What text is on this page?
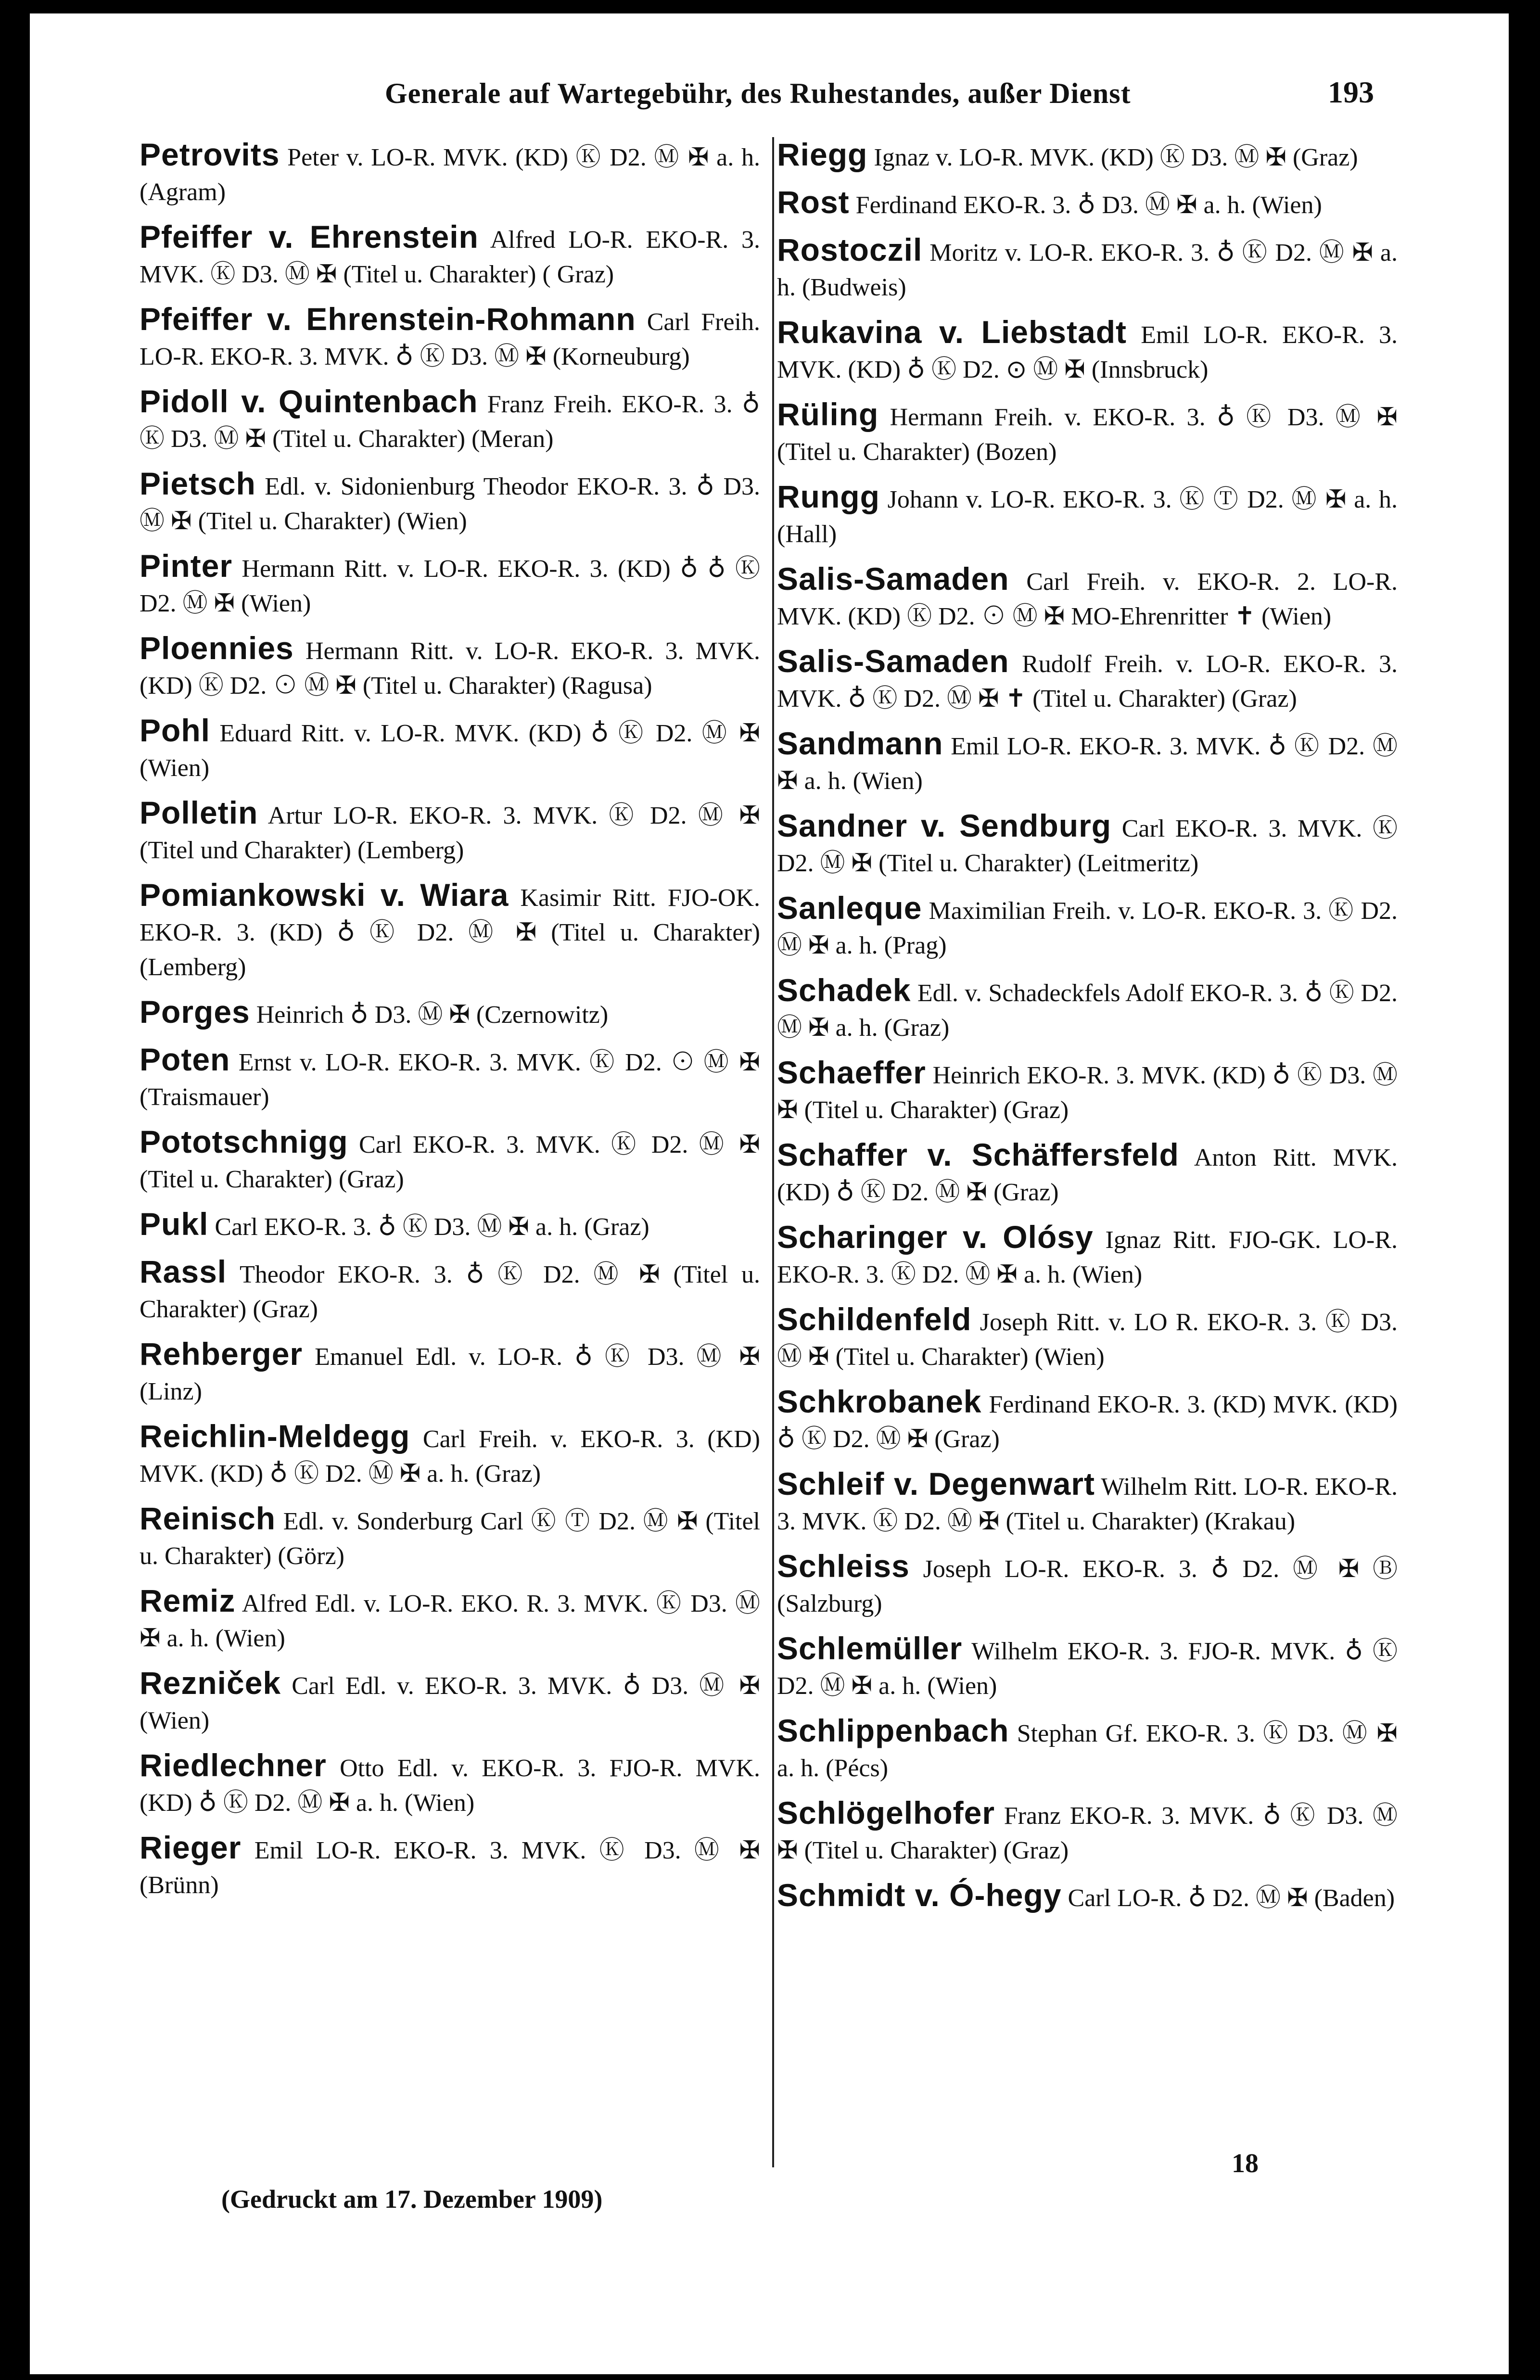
Generale auf Wartegebühr, des Ruhestandes, außer Dienst	193

Petrovits Peter v. LO-R. MVK. (KD) Ⓚ D2. Ⓜ ✠ a. h. (Agram)

Pfeiffer v. Ehrenstein Alfred LO-R. EKO-R. 3. MVK. Ⓚ D3. Ⓜ ✠ (Titel u. Charakter) ( Graz)

Pfeiffer v. Ehrenstein-Rohmann Carl Freih. LO-R. EKO-R. 3. MVK. ♁ Ⓚ D3. Ⓜ ✠ (Korneuburg)

Pidoll v. Quintenbach Franz Freih. EKO-R. 3. ♁ Ⓚ D3. Ⓜ ✠ (Titel u. Charakter) (Meran)

Pietsch Edl. v. Sidonienburg Theodor EKO-R. 3. ♁ D3. Ⓜ ✠ (Titel u. Charakter) (Wien)

Pinter Hermann Ritt. v. LO-R. EKO-R. 3. (KD) ♁ ♁ Ⓚ D2. Ⓜ ✠ (Wien)

Ploennies Hermann Ritt. v. LO-R. EKO-R. 3. MVK. (KD) Ⓚ D2. ⊙ Ⓜ ✠ (Titel u. Charakter) (Ragusa)

Pohl Eduard Ritt. v. LO-R. MVK. (KD) ♁ Ⓚ D2. Ⓜ ✠ (Wien)

Polletin Artur LO-R. EKO-R. 3. MVK. Ⓚ D2. Ⓜ ✠ (Titel und Charakter) (Lemberg)

Pomiankowski v. Wiara Kasimir Ritt. FJO-OK. EKO-R. 3. (KD) ♁ Ⓚ D2. Ⓜ ✠ (Titel u. Charakter) (Lemberg)

Porges Heinrich ♁ D3. Ⓜ ✠ (Czernowitz)

Poten Ernst v. LO-R. EKO-R. 3. MVK. Ⓚ D2. ⊙ Ⓜ ✠ (Traismauer)

Pototschnigg Carl EKO-R. 3. MVK. Ⓚ D2. Ⓜ ✠ (Titel u. Charakter) (Graz)

Pukl Carl EKO-R. 3. ♁ Ⓚ D3. Ⓜ ✠ a. h. (Graz)

Rassl Theodor EKO-R. 3. ♁ Ⓚ D2. Ⓜ ✠ (Titel u. Charakter) (Graz)

Rehberger Emanuel Edl. v. LO-R. ♁ Ⓚ D3. Ⓜ ✠ (Linz)

Reichlin-Meldegg Carl Freih. v. EKO-R. 3. (KD) MVK. (KD) ♁ Ⓚ D2. Ⓜ ✠ a. h. (Graz)

Reinisch Edl. v. Sonderburg Carl Ⓚ Ⓣ D2. Ⓜ ✠ (Titel u. Charakter) (Görz)

Remiz Alfred Edl. v. LO-R. EKO. R. 3. MVK. Ⓚ D3. Ⓜ ✠ a. h. (Wien)

Rezniček Carl Edl. v. EKO-R. 3. MVK. ♁ D3. Ⓜ ✠ (Wien)

Riedlechner Otto Edl. v. EKO-R. 3. FJO-R. MVK. (KD) ♁ Ⓚ D2. Ⓜ ✠ a. h. (Wien)

Rieger Emil LO-R. EKO-R. 3. MVK. Ⓚ D3. Ⓜ ✠ (Brünn)

Riegg Ignaz v. LO-R. MVK. (KD) Ⓚ D3. Ⓜ ✠ (Graz)

Rost Ferdinand EKO-R. 3. ♁ D3. Ⓜ ✠ a. h. (Wien)

Rostoczil Moritz v. LO-R. EKO-R. 3. ♁ Ⓚ D2. Ⓜ ✠ a. h. (Budweis)

Rukavina v. Liebstadt Emil LO-R. EKO-R. 3. MVK. (KD) ♁ Ⓚ D2. ⊙ Ⓜ ✠ (Innsbruck)

Rüling Hermann Freih. v. EKO-R. 3. ♁ Ⓚ D3. Ⓜ ✠ (Titel u. Charakter) (Bozen)

Rungg Johann v. LO-R. EKO-R. 3. Ⓚ Ⓣ D2. Ⓜ ✠ a. h. (Hall)

Salis-Samaden Carl Freih. v. EKO-R. 2. LO-R. MVK. (KD) Ⓚ D2. ⊙ Ⓜ ✠ MO-Ehrenritter ✝ (Wien)

Salis-Samaden Rudolf Freih. v. LO-R. EKO-R. 3. MVK. ♁ Ⓚ D2. Ⓜ ✠ ✝ (Titel u. Charakter) (Graz)

Sandmann Emil LO-R. EKO-R. 3. MVK. ♁ Ⓚ D2. Ⓜ ✠ a. h. (Wien)

Sandner v. Sendburg Carl EKO-R. 3. MVK. Ⓚ D2. Ⓜ ✠ (Titel u. Charakter) (Leitmeritz)

Sanleque Maximilian Freih. v. LO-R. EKO-R. 3. Ⓚ D2. Ⓜ ✠ a. h. (Prag)

Schadek Edl. v. Schadeckfels Adolf EKO-R. 3. ♁ Ⓚ D2. Ⓜ ✠ a. h. (Graz)

Schaeffer Heinrich EKO-R. 3. MVK. (KD) ♁ Ⓚ D3. Ⓜ ✠ (Titel u. Charakter) (Graz)

Schaffer v. Schäffersfeld Anton Ritt. MVK. (KD) ♁ Ⓚ D2. Ⓜ ✠ (Graz)

Scharinger v. Olósy Ignaz Ritt. FJO-GK. LO-R. EKO-R. 3. Ⓚ D2. Ⓜ ✠ a. h. (Wien)

Schildenfeld Joseph Ritt. v. LO R. EKO-R. 3. Ⓚ D3. Ⓜ ✠ (Titel u. Charakter) (Wien)

Schkrobanek Ferdinand EKO-R. 3. (KD) MVK. (KD) ♁ Ⓚ D2. Ⓜ ✠ (Graz)

Schleif v. Degenwart Wilhelm Ritt. LO-R. EKO-R. 3. MVK. Ⓚ D2. Ⓜ ✠ (Titel u. Charakter) (Krakau)

Schleiss Joseph LO-R. EKO-R. 3. ♁ D2. Ⓜ ✠ Ⓑ (Salzburg)

Schlemüller Wilhelm EKO-R. 3. FJO-R. MVK. ♁ Ⓚ D2. Ⓜ ✠ a. h. (Wien)

Schlippenbach Stephan Gf. EKO-R. 3. Ⓚ D3. Ⓜ ✠ a. h. (Pécs)

Schlögelhofer Franz EKO-R. 3. MVK. ♁ Ⓚ D3. Ⓜ ✠ (Titel u. Charakter) (Graz)

Schmidt v. Ó-hegy Carl LO-R. ♁ D2. Ⓜ ✠ (Baden)

(Gedruckt am 17. Dezember 1909)
18
